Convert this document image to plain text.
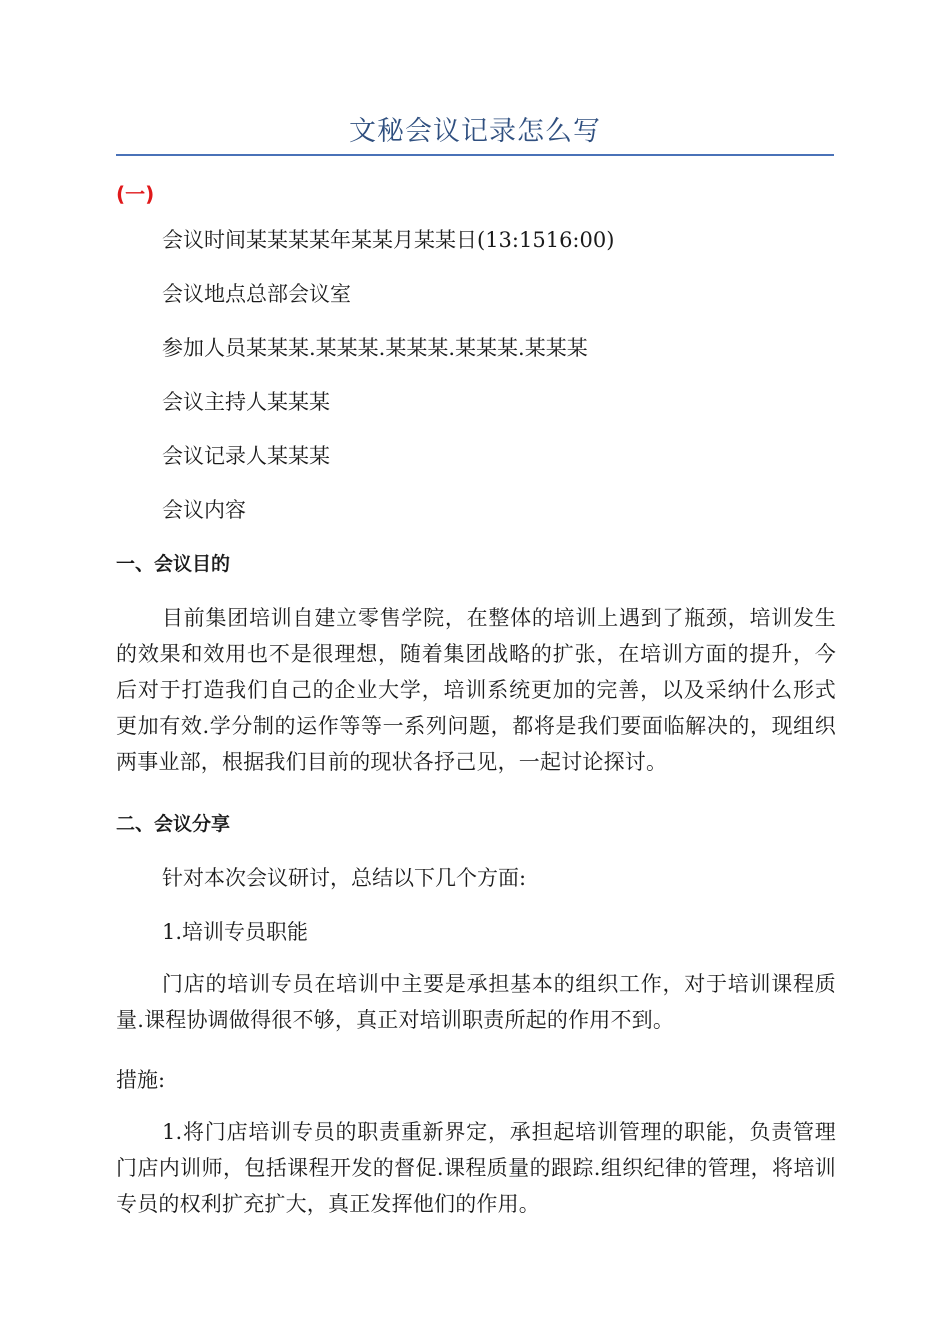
文秘会议记录怎么写
(一)
会议时间某某某某年某某月某某日(13:1516:00)
会议地点总部会议室
参加人员某某某.某某某.某某某.某某某.某某某
会议主持人某某某
会议记录人某某某
会议内容
一、会议目的
目前集团培训自建立零售学院，在整体的培训上遇到了瓶颈，培训发生的效果和效用也不是很理想，随着集团战略的扩张，在培训方面的提升，今后对于打造我们自己的企业大学，培训系统更加的完善，以及采纳什么形式更加有效.学分制的运作等等一系列问题，都将是我们要面临解决的，现组织两事业部，根据我们目前的现状各抒己见，一起讨论探讨。
二、会议分享
针对本次会议研讨，总结以下几个方面:
1.培训专员职能
门店的培训专员在培训中主要是承担基本的组织工作，对于培训课程质量.课程协调做得很不够，真正对培训职责所起的作用不到。
措施:
1.将门店培训专员的职责重新界定，承担起培训管理的职能，负责管理门店内训师，包括课程开发的督促.课程质量的跟踪.组织纪律的管理，将培训专员的权利扩充扩大，真正发挥他们的作用。
